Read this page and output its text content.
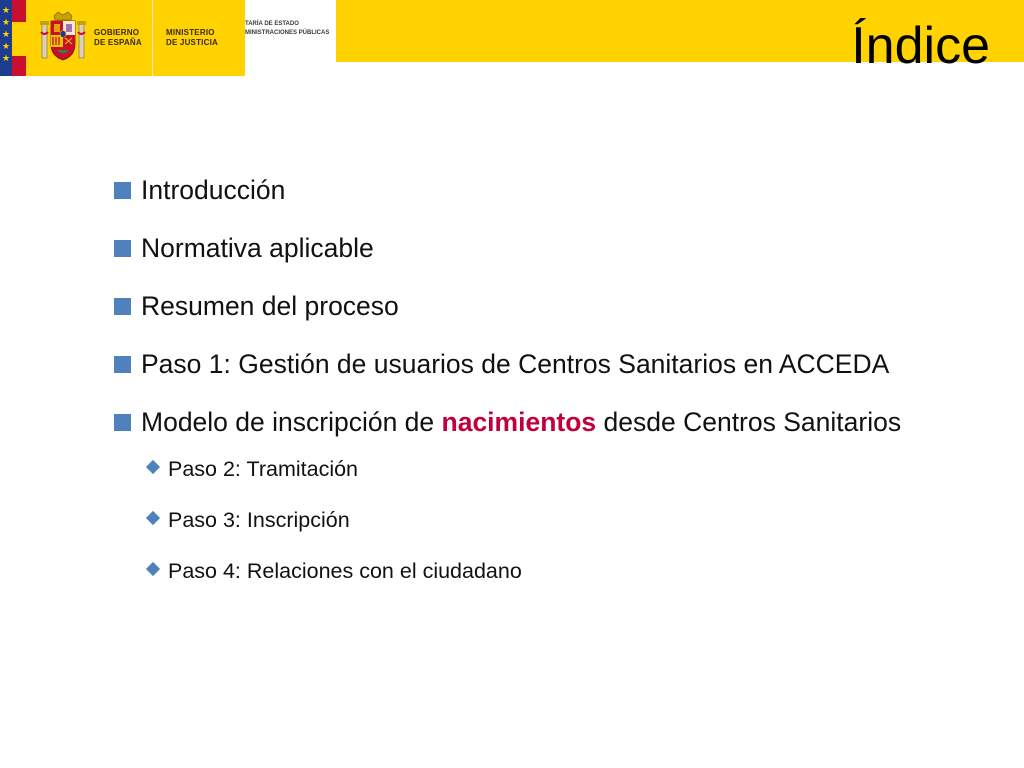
★
★
★
★
★
GOBIERNO
DE ESPAÑA
MINISTERIO
DE JUSTICIA
TARÍA DE ESTADO
MINISTRACIONES PÚBLICAS	Índice
Introducción
Normativa aplicable
Resumen del proceso
Paso 1: Gestión de usuarios de Centros Sanitarios en ACCEDA
Modelo de inscripción de nacimientos desde Centros Sanitarios
Paso 2: Tramitación
Paso 3: Inscripción
Paso 4: Relaciones con el ciudadano
